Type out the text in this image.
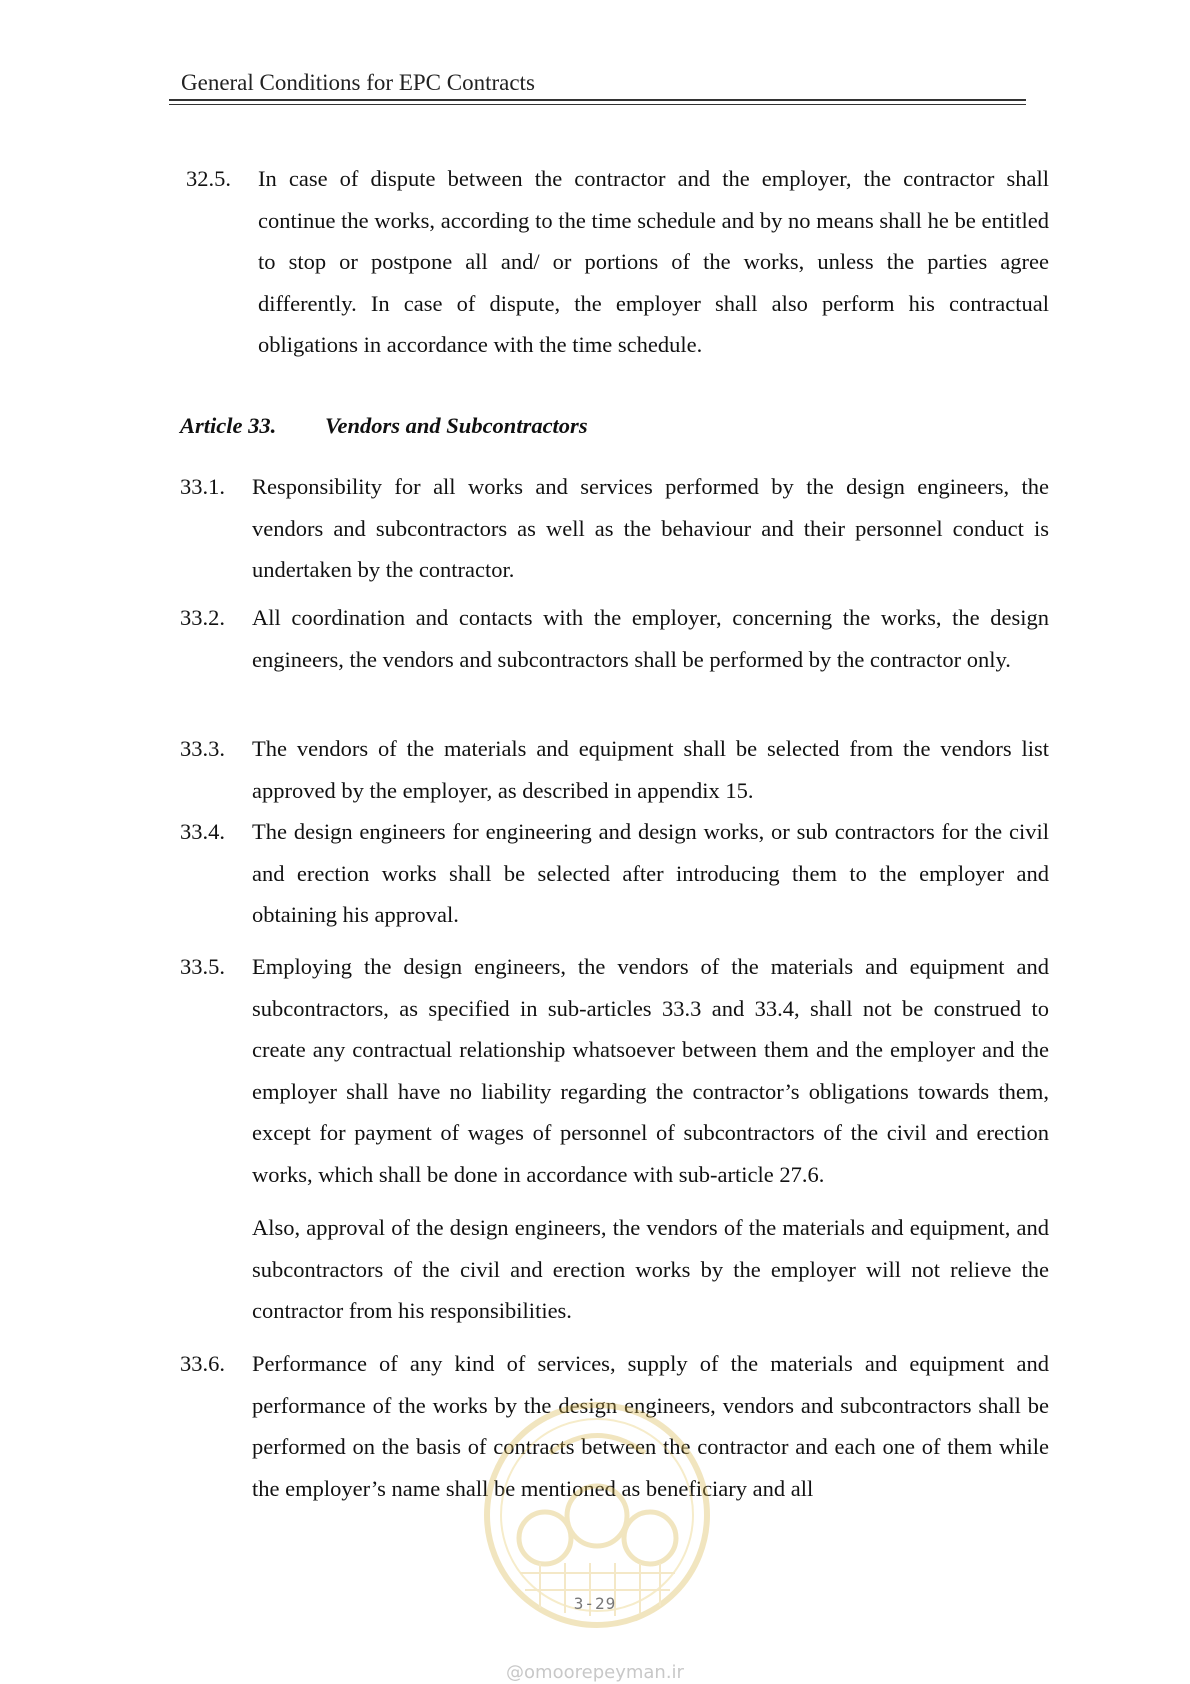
General Conditions for EPC Contracts
32.5. In case of dispute between the contractor and the employer, the contractor shall continue the works, according to the time schedule and by no means shall he be entitled to stop or postpone all and/ or portions of the works, unless the parties agree differently. In case of dispute, the employer shall also perform his contractual obligations in accordance with the time schedule.
Article 33. Vendors and Subcontractors
33.1. Responsibility for all works and services performed by the design engineers, the vendors and subcontractors as well as the behaviour and their personnel conduct is undertaken by the contractor.
33.2. All coordination and contacts with the employer, concerning the works, the design engineers, the vendors and subcontractors shall be performed by the contractor only.
33.3. The vendors of the materials and equipment shall be selected from the vendors list approved by the employer, as described in appendix 15.
33.4. The design engineers for engineering and design works, or sub contractors for the civil and erection works shall be selected after introducing them to the employer and obtaining his approval.
33.5. Employing the design engineers, the vendors of the materials and equipment and subcontractors, as specified in sub-articles 33.3 and 33.4, shall not be construed to create any contractual relationship whatsoever between them and the employer and the employer shall have no liability regarding the contractor’s obligations towards them, except for payment of wages of personnel of subcontractors of the civil and erection works, which shall be done in accordance with sub-article 27.6.
Also, approval of the design engineers, the vendors of the materials and equipment, and subcontractors of the civil and erection works by the employer will not relieve the contractor from his responsibilities.
33.6. Performance of any kind of services, supply of the materials and equipment and performance of the works by the design engineers, vendors and subcontractors shall be performed on the basis of contracts between the contractor and each one of them while the employer’s name shall be mentioned as beneficiary and all
3-29
@omoorepeyman.ir
